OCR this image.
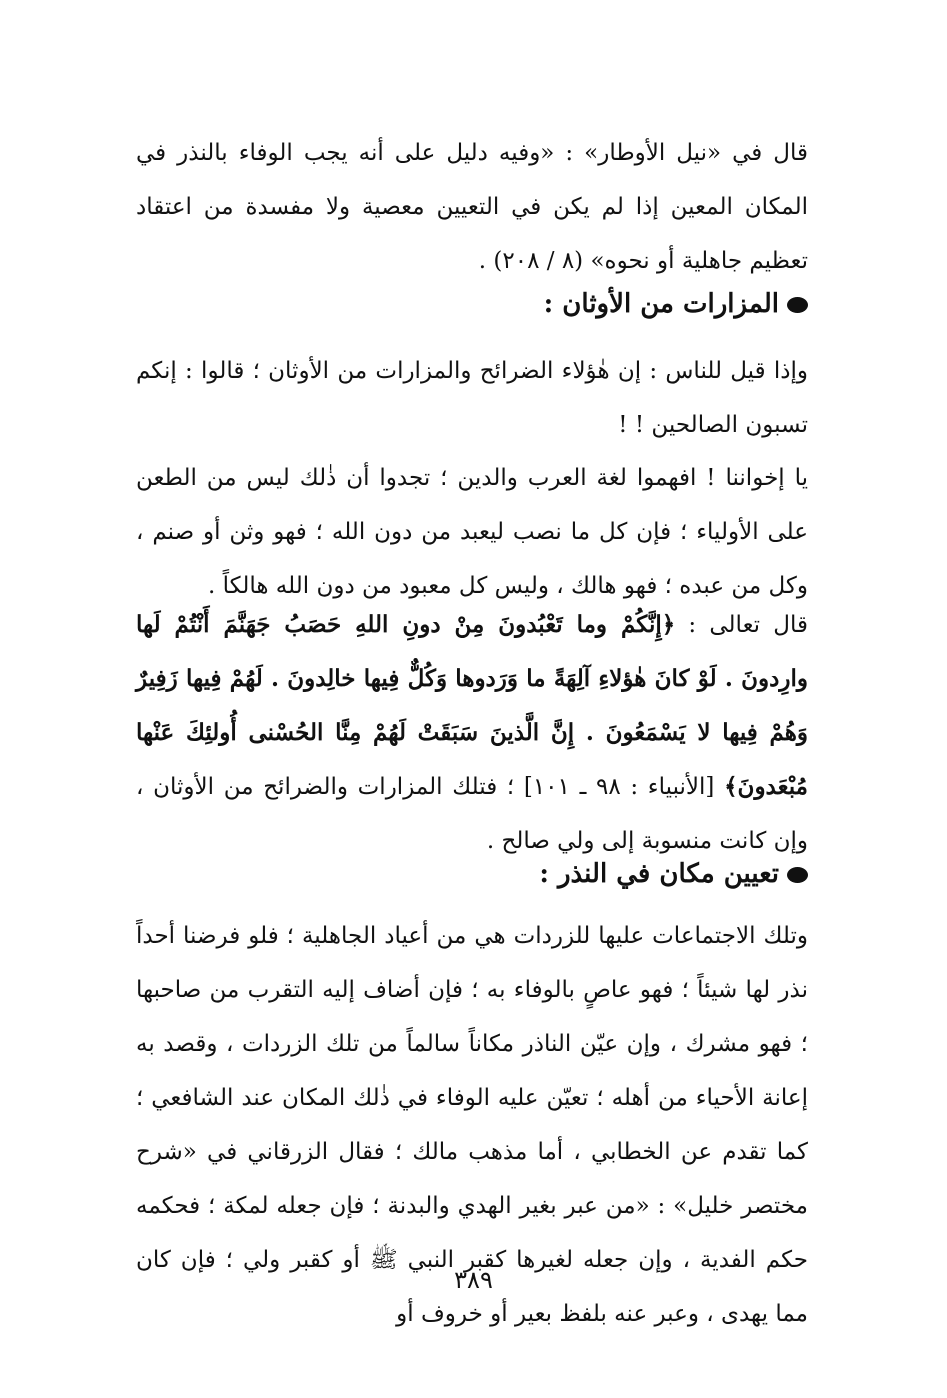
قال في «نيل الأوطار» : «وفيه دليل على أنه يجب الوفاء بالنذر في المكان المعين إذا لم يكن في التعيين معصية ولا مفسدة من اعتقاد تعظيم جاهلية أو نحوه» (٨ / ٢٠٨) .
المزارات من الأوثان :
وإذا قيل للناس : إن هٰؤلاء الضرائح والمزارات من الأوثان ؛ قالوا : إنكم تسبون الصالحين ! !
يا إخواننا ! افهموا لغة العرب والدين ؛ تجدوا أن ذٰلك ليس من الطعن على الأولياء ؛ فإن كل ما نصب ليعبد من دون الله ؛ فهو وثن أو صنم ، وكل من عبده ؛ فهو هالك ، وليس كل معبود من دون الله هالكاً .
قال تعالى : ﴿إِنَّكُمْ وما تَعْبُدونَ مِنْ دونِ اللهِ حَصَبُ جَهَنَّمَ أَنْتُمْ لَها وارِدونَ . لَوْ كانَ هٰؤلاءِ آلِهَةً ما وَرَدوها وَكُلٌّ فِيها خالِدونَ . لَهُمْ فِيها زَفِيرٌ وَهُمْ فِيها لا يَسْمَعُونَ . إِنَّ الَّذينَ سَبَقَتْ لَهُمْ مِنَّا الحُسْنى أُولئِكَ عَنْها مُبْعَدونَ﴾ [الأنبياء : ٩٨ ـ ١٠١] ؛ فتلك المزارات والضرائح من الأوثان ، وإن كانت منسوبة إلى ولي صالح .
تعيين مكان في النذر :
وتلك الاجتماعات عليها للزردات هي من أعياد الجاهلية ؛ فلو فرضنا أحداً نذر لها شيئاً ؛ فهو عاصٍ بالوفاء به ؛ فإن أضاف إليه التقرب من صاحبها ؛ فهو مشرك ، وإن عيّن الناذر مكاناً سالماً من تلك الزردات ، وقصد به إعانة الأحياء من أهله ؛ تعيّن عليه الوفاء في ذٰلك المكان عند الشافعي ؛ كما تقدم عن الخطابي ، أما مذهب مالك ؛ فقال الزرقاني في «شرح مختصر خليل» : «من عبر بغير الهدي والبدنة ؛ فإن جعله لمكة ؛ فحكمه حكم الفدية ، وإن جعله لغيرها كقبر النبي ﷺ أو كقبر ولي ؛ فإن كان مما يهدى ، وعبر عنه بلفظ بعير أو خروف أو
٣٨٩
